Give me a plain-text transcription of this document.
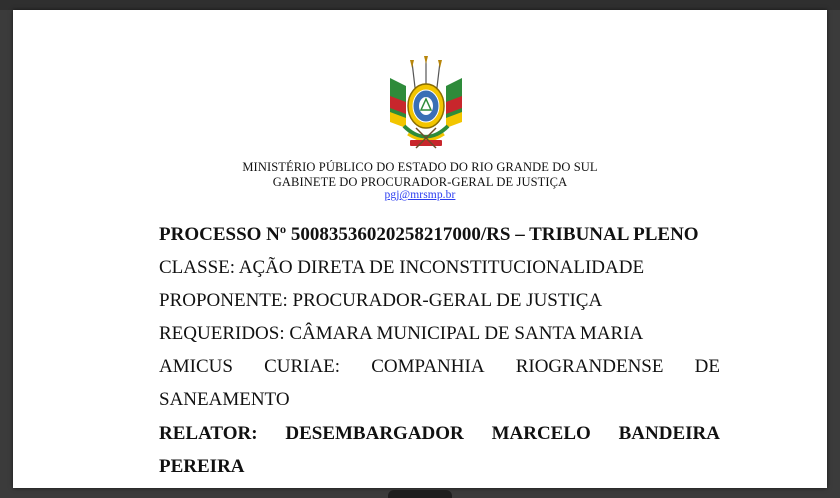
MINISTÉRIO PÚBLICO DO ESTADO DO RIO GRANDE DO SUL
GABINETE DO PROCURADOR-GERAL DE JUSTIÇA
pgj@mrsmp.br
PROCESSO Nº 50083536020258217000/RS – TRIBUNAL PLENO
CLASSE: AÇÃO DIRETA DE INCONSTITUCIONALIDADE
PROPONENTE: PROCURADOR-GERAL DE JUSTIÇA
REQUERIDOS: CÂMARA MUNICIPAL DE SANTA MARIA
AMICUS CURIAE: COMPANHIA RIOGRANDENSE DE
SANEAMENTO
RELATOR: DESEMBARGADOR MARCELO BANDEIRA
PEREIRA
